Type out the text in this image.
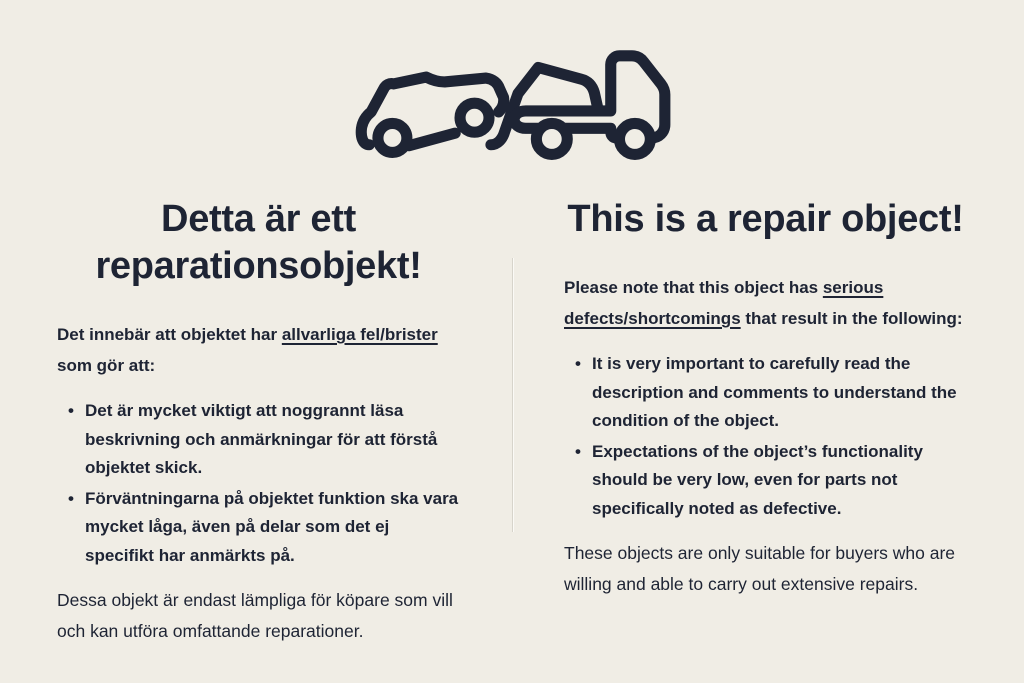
Detta är ett reparationsobjekt!

Det innebär att objektet har allvarliga fel/brister som gör att:

• Det är mycket viktigt att noggrannt läsa beskrivning och anmärkningar för att förstå objektet skick.
• Förväntningarna på objektet funktion ska vara mycket låga, även på delar som det ej specifikt har anmärkts på.

Dessa objekt är endast lämpliga för köpare som vill och kan utföra omfattande reparationer.

This is a repair object!

Please note that this object has serious defects/shortcomings that result in the following:

• It is very important to carefully read the description and comments to understand the condition of the object.
• Expectations of the object’s functionality should be very low, even for parts not specifically noted as defective.

These objects are only suitable for buyers who are willing and able to carry out extensive repairs.
